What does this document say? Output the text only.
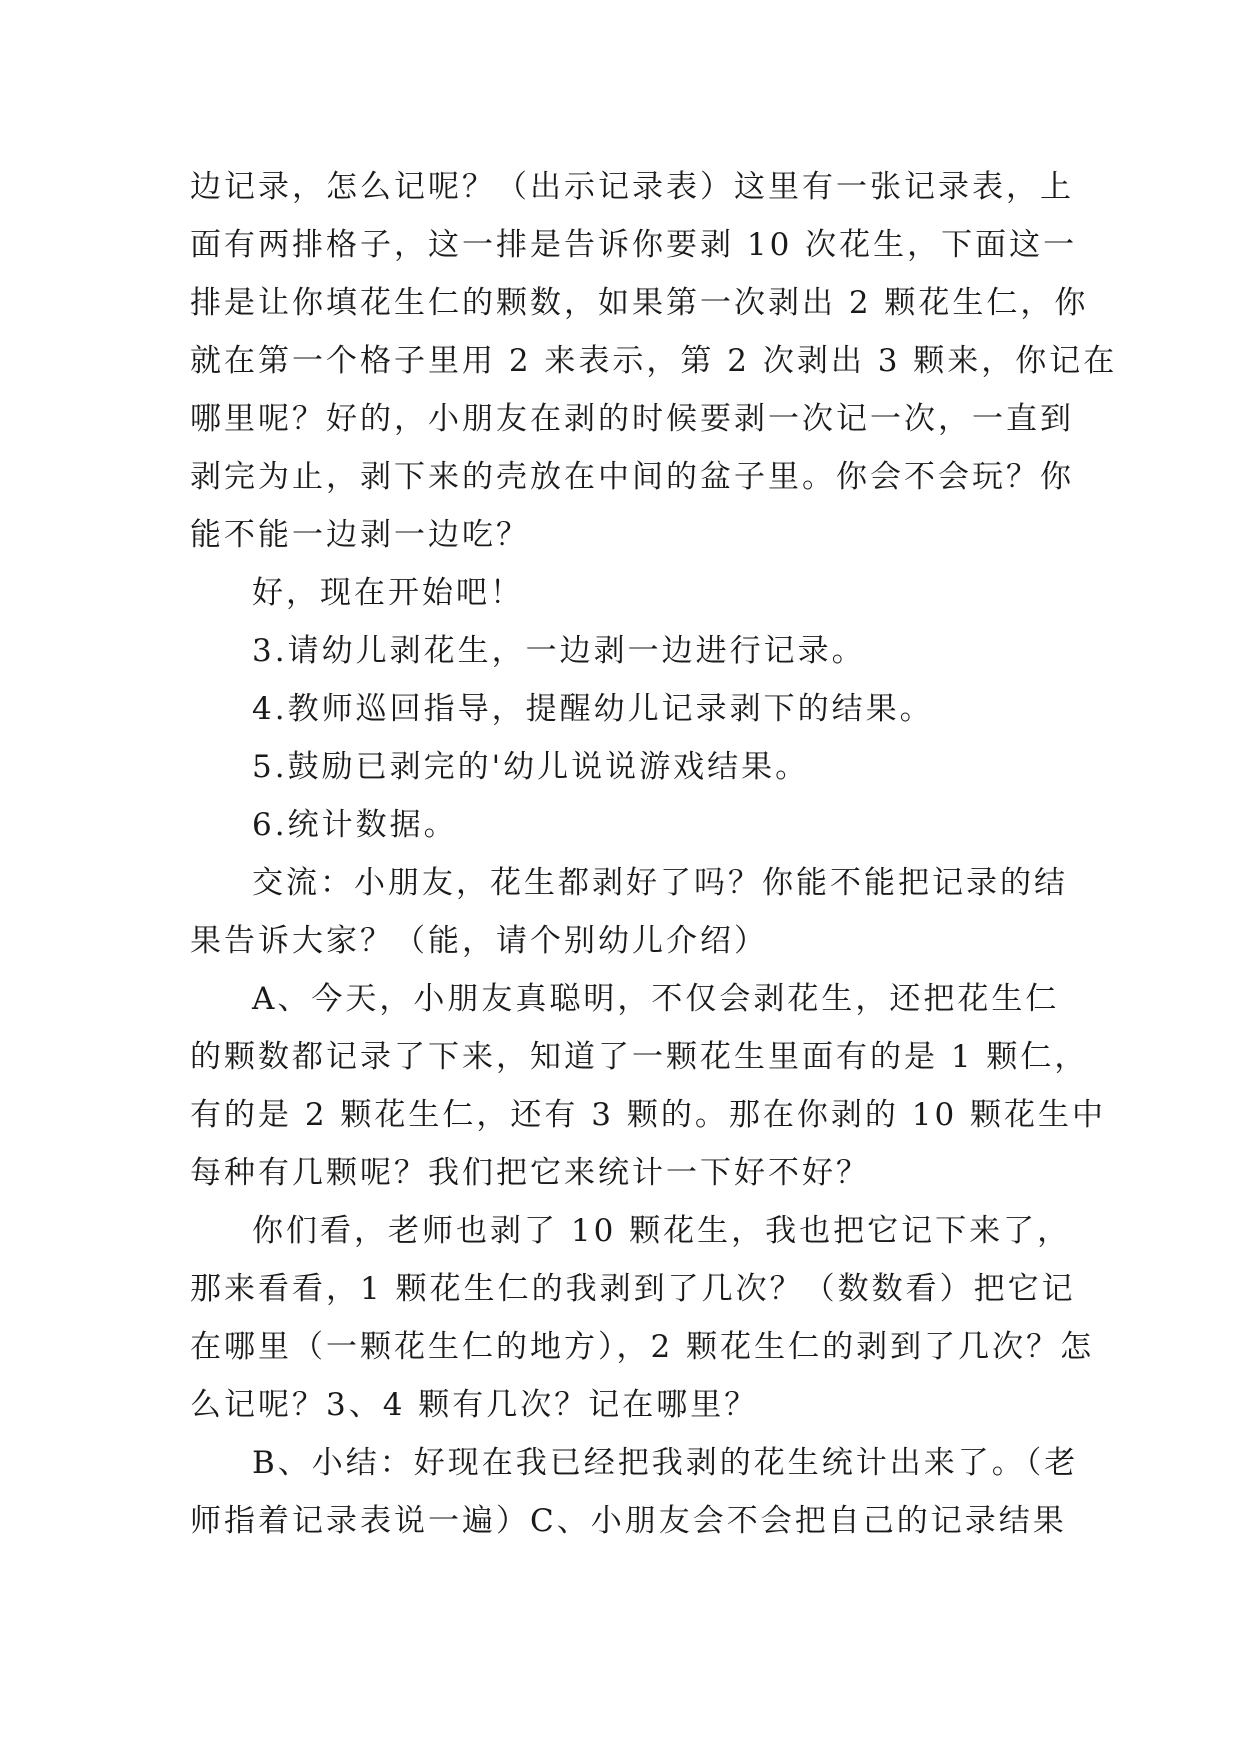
边记录，怎么记呢？（出示记录表）这里有一张记录表，上
面有两排格子，这一排是告诉你要剥 10 次花生，下面这一
排是让你填花生仁的颗数，如果第一次剥出 2 颗花生仁，你
就在第一个格子里用 2 来表示，第 2 次剥出 3 颗来，你记在
哪里呢？好的，小朋友在剥的时候要剥一次记一次，一直到
剥完为止，剥下来的壳放在中间的盆子里。你会不会玩？你
能不能一边剥一边吃？
好，现在开始吧！
3.请幼儿剥花生，一边剥一边进行记录。
4.教师巡回指导，提醒幼儿记录剥下的结果。
5.鼓励已剥完的'幼儿说说游戏结果。
6.统计数据。
交流：小朋友，花生都剥好了吗？你能不能把记录的结
果告诉大家？（能，请个别幼儿介绍）
A、今天，小朋友真聪明，不仅会剥花生，还把花生仁
的颗数都记录了下来，知道了一颗花生里面有的是 1 颗仁，
有的是 2 颗花生仁，还有 3 颗的。那在你剥的 10 颗花生中
每种有几颗呢？我们把它来统计一下好不好？
你们看，老师也剥了 10 颗花生，我也把它记下来了，
那来看看，1 颗花生仁的我剥到了几次？（数数看）把它记
在哪里（一颗花生仁的地方），2 颗花生仁的剥到了几次？怎
么记呢？3、4 颗有几次？记在哪里？
B、小结：好现在我已经把我剥的花生统计出来了。（老
师指着记录表说一遍）C、小朋友会不会把自己的记录结果
